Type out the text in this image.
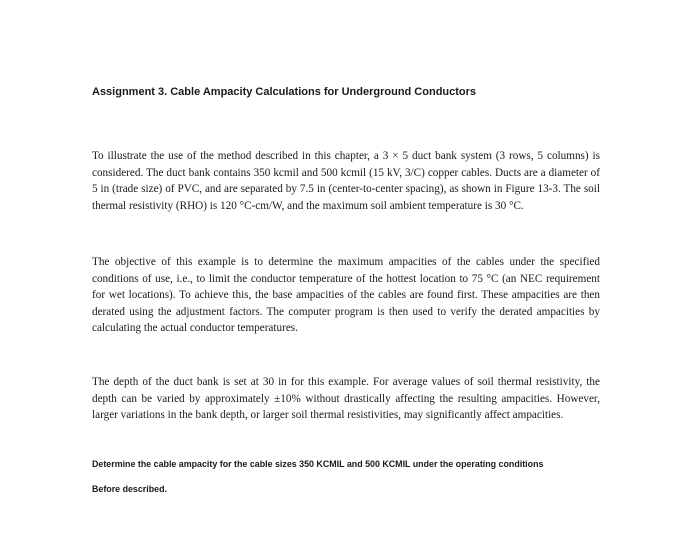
Assignment 3. Cable Ampacity Calculations for Underground Conductors

To illustrate the use of the method described in this chapter, a 3 × 5 duct bank system (3 rows, 5 columns) is considered. The duct bank contains 350 kcmil and 500 kcmil (15 kV, 3/C) copper cables. Ducts are a diameter of 5 in (trade size) of PVC, and are separated by 7.5 in (center-to-center spacing), as shown in Figure 13-3. The soil thermal resistivity (RHO) is 120 °C-cm/W, and the maximum soil ambient temperature is 30 °C.

The objective of this example is to determine the maximum ampacities of the cables under the specified conditions of use, i.e., to limit the conductor temperature of the hottest location to 75 °C (an NEC requirement for wet locations). To achieve this, the base ampacities of the cables are found first. These ampacities are then derated using the adjustment factors. The computer program is then used to verify the derated ampacities by calculating the actual conductor temperatures.

The depth of the duct bank is set at 30 in for this example. For average values of soil thermal resistivity, the depth can be varied by approximately ±10% without drastically affecting the resulting ampacities. However, larger variations in the bank depth, or larger soil thermal resistivities, may significantly affect ampacities.

Determine the cable ampacity for the cable sizes 350 KCMIL and 500 KCMIL under the operating conditions

Before described.
